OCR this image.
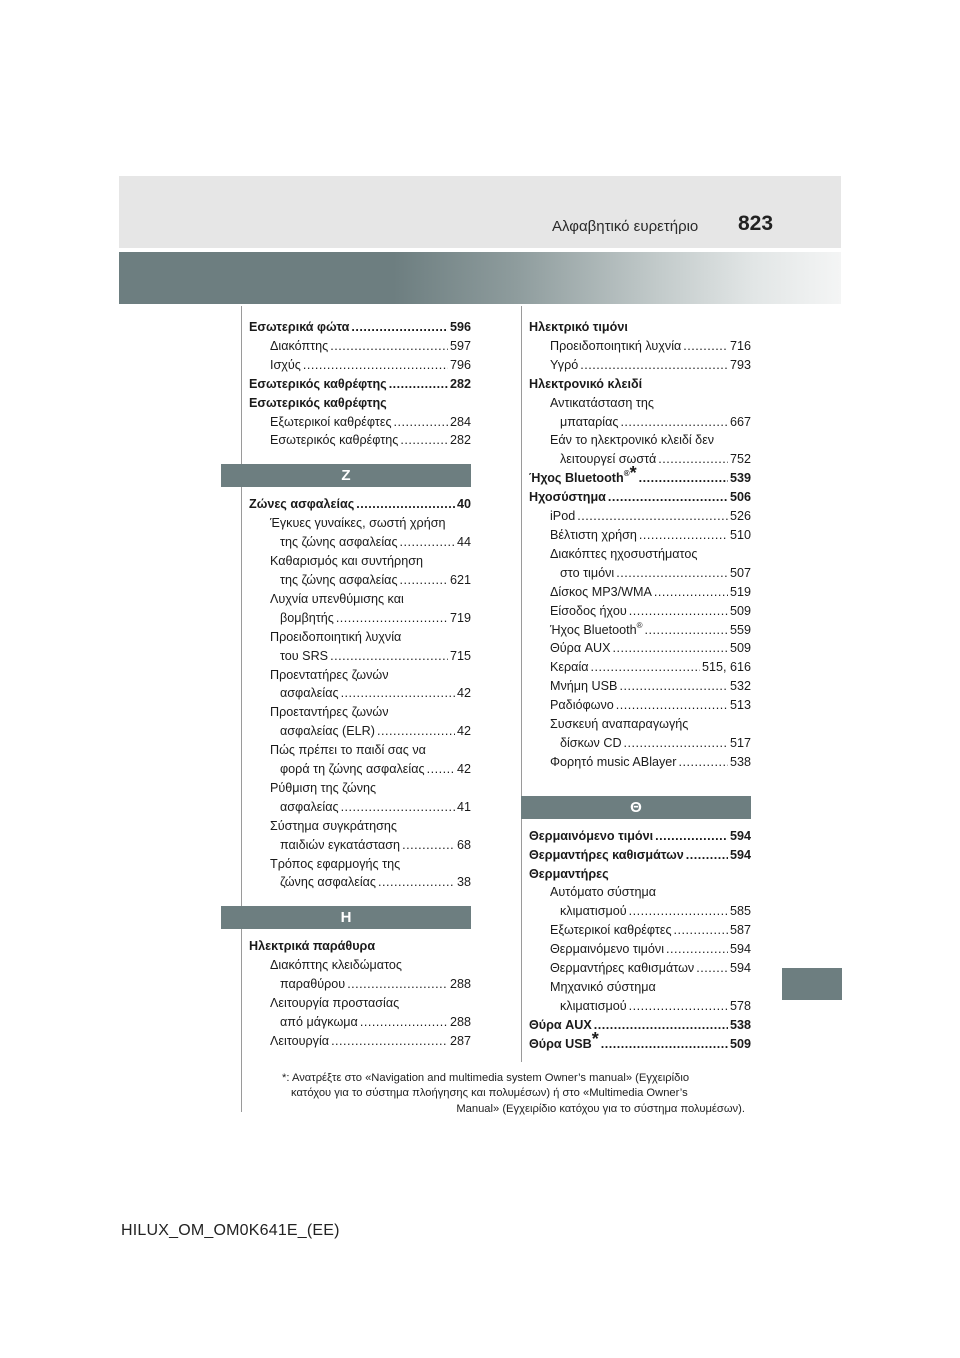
Αλφαβητικό ευρετήριο 823
Εσωτερικά φώτα .....	596
Διακόπτης .....	597
Ισχύς .....	796
Εσωτερικός καθρέφτης .....	282
Εσωτερικός καθρέφτης
Εξωτερικοί καθρέφτες .....	284
Εσωτερικός καθρέφτης .....	282
Ζ
Ζώνες ασφαλείας .....	40
Έγκυες γυναίκες, σωστή χρήση
της ζώνης ασφαλείας .....	44
Καθαρισμός και συντήρηση
της ζώνης ασφαλείας .....	621
Λυχνία υπενθύμισης και
βομβητής .....	719
Προειδοποιητική λυχνία
του SRS .....	715
Προεντατήρες ζωνών
ασφαλείας .....	42
Προεταντήρες ζωνών
ασφαλείας (ELR) .....	42
Πώς πρέπει το παιδί σας να
φορά τη ζώνης ασφαλείας .....	42
Ρύθμιση της ζώνης
ασφαλείας .....	41
Σύστημα συγκράτησης
παιδιών εγκατάσταση .....	68
Τρόπος εφαρμογής της
ζώνης ασφαλείας .....	38
Η
Ηλεκτρικά παράθυρα
Διακόπτης κλειδώματος
παραθύρου .....	288
Λειτουργία προστασίας
από μάγκωμα .....	288
Λειτουργία .....	287
Ηλεκτρικό τιμόνι
Προειδοποιητική λυχνία .....	716
Υγρό .....	793
Ηλεκτρονικό κλειδί
Αντικατάσταση της
μπαταρίας .....	667
Εάν το ηλεκτρονικό κλειδί δεν
λειτουργεί σωστά .....	752
Ήχος Bluetooth®* .....	539
Ηχοσύστημα .....	506
iPod .....	526
Βέλτιστη χρήση .....	510
Διακόπτες ηχοσυστήματος
στο τιμόνι .....	507
Δίσκος MP3/WMA .....	519
Είσοδος ήχου .....	509
Ήχος Bluetooth® .....	559
Θύρα AUX .....	509
Κεραία .....	515, 616
Μνήμη USB .....	532
Ραδιόφωνο .....	513
Συσκευή αναπαραγωγής
δίσκων CD .....	517
Φορητό music ABlayer .....	538
Θ
Θερμαινόμενο τιμόνι .....	594
Θερμαντήρες καθισμάτων .....	594
Θερμαντήρες
Αυτόματο σύστημα
κλιματισμού .....	585
Εξωτερικοί καθρέφτες .....	587
Θερμαινόμενο τιμόνι .....	594
Θερμαντήρες καθισμάτων .....	594
Μηχανικό σύστημα
κλιματισμού .....	578
Θύρα AUX .....	538
Θύρα USB* .....	509
*: Ανατρέξτε στο «Navigation and multimedia system Owner’s manual» (Εγχειρίδιο
κατόχου για το σύστημα πλοήγησης και πολυμέσων) ή στο «Multimedia Owner’s
Manual» (Εγχειρίδιο κατόχου για το σύστημα πολυμέσων).
HILUX_OM_OM0K641E_(EE)
